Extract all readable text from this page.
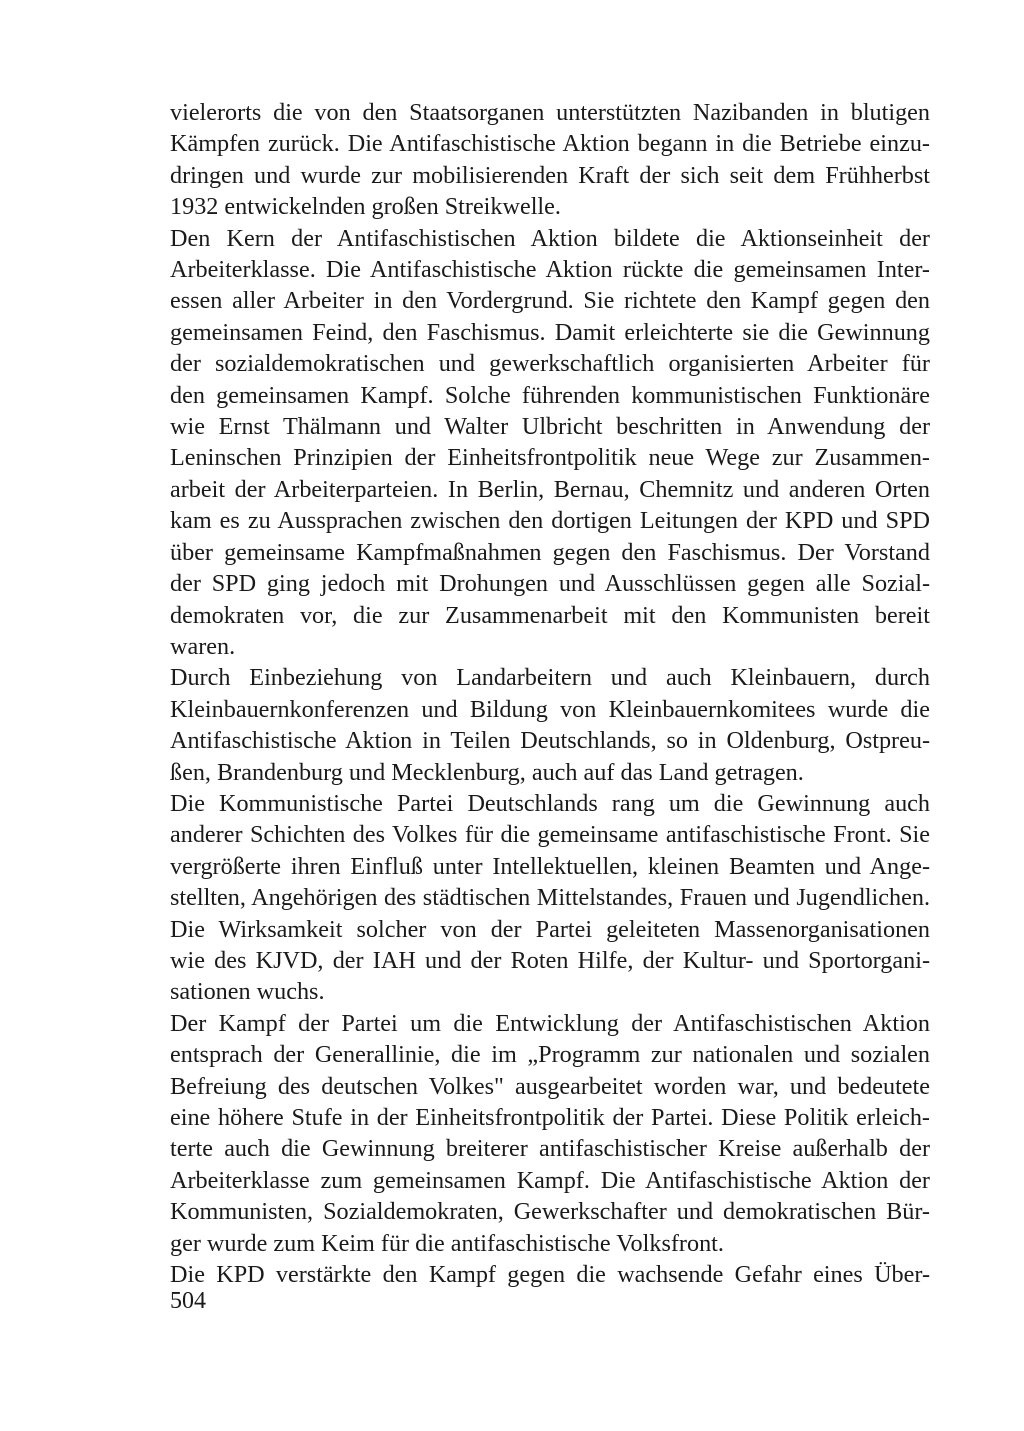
vielerorts die von den Staatsorganen unterstützten Nazibanden in blutigen
Kämpfen zurück. Die Antifaschistische Aktion begann in die Betriebe einzu-
dringen und wurde zur mobilisierenden Kraft der sich seit dem Frühherbst
1932 entwickelnden großen Streikwelle.
Den Kern der Antifaschistischen Aktion bildete die Aktionseinheit der
Arbeiterklasse. Die Antifaschistische Aktion rückte die gemeinsamen Inter-
essen aller Arbeiter in den Vordergrund. Sie richtete den Kampf gegen den
gemeinsamen Feind, den Faschismus. Damit erleichterte sie die Gewinnung
der sozialdemokratischen und gewerkschaftlich organisierten Arbeiter für
den gemeinsamen Kampf. Solche führenden kommunistischen Funktionäre
wie Ernst Thälmann und Walter Ulbricht beschritten in Anwendung der
Leninschen Prinzipien der Einheitsfrontpolitik neue Wege zur Zusammen-
arbeit der Arbeiterparteien. In Berlin, Bernau, Chemnitz und anderen Orten
kam es zu Aussprachen zwischen den dortigen Leitungen der KPD und SPD
über gemeinsame Kampfmaßnahmen gegen den Faschismus. Der Vorstand
der SPD ging jedoch mit Drohungen und Ausschlüssen gegen alle Sozial-
demokraten vor, die zur Zusammenarbeit mit den Kommunisten bereit
waren.
Durch Einbeziehung von Landarbeitern und auch Kleinbauern, durch
Kleinbauernkonferenzen und Bildung von Kleinbauernkomitees wurde die
Antifaschistische Aktion in Teilen Deutschlands, so in Oldenburg, Ostpreu-
ßen, Brandenburg und Mecklenburg, auch auf das Land getragen.
Die Kommunistische Partei Deutschlands rang um die Gewinnung auch
anderer Schichten des Volkes für die gemeinsame antifaschistische Front. Sie
vergrößerte ihren Einfluß unter Intellektuellen, kleinen Beamten und Ange-
stellten, Angehörigen des städtischen Mittelstandes, Frauen und Jugendlichen.
Die Wirksamkeit solcher von der Partei geleiteten Massenorganisationen
wie des KJVD, der IAH und der Roten Hilfe, der Kultur- und Sportorgani-
sationen wuchs.
Der Kampf der Partei um die Entwicklung der Antifaschistischen Aktion
entsprach der Generallinie, die im „Programm zur nationalen und sozialen
Befreiung des deutschen Volkes" ausgearbeitet worden war, und bedeutete
eine höhere Stufe in der Einheitsfrontpolitik der Partei. Diese Politik erleich-
terte auch die Gewinnung breiterer antifaschistischer Kreise außerhalb der
Arbeiterklasse zum gemeinsamen Kampf. Die Antifaschistische Aktion der
Kommunisten, Sozialdemokraten, Gewerkschafter und demokratischen Bür-
ger wurde zum Keim für die antifaschistische Volksfront.
Die KPD verstärkte den Kampf gegen die wachsende Gefahr eines Über-
504
